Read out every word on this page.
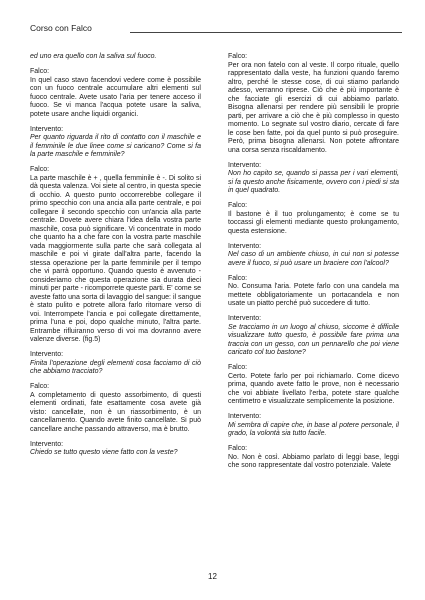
Corso con Falco

ed uno era quello con la saliva sul fuoco.

Falco:

In quel caso stavo facendovi vedere come è possibile con un fuoco centrale accumulare altri elementi sul fuoco centrale. Avete usato l'aria per tenere acceso il fuoco. Se vi manca l'acqua potete usare la saliva, potete usare anche liquidi organici.

Intervento:

Per quanto riguarda il rito di contatto con il maschile e il femminile le due linee come si caricano? Come si fa la parte maschile e femminile?

Falco:

La parte maschile è + , quella femminile è -. Di solito si dà questa valenza. Voi siete al centro, in questa specie di occhio. A questo punto occorrerebbe collegare il primo specchio con una ancia alla parte centrale, e poi collegare il secondo specchio con un'ancia alla parte centrale. Dovete avere chiara l'idea della vostra parte maschile, cosa può significare. Vi concentrate in modo che quanto ha a che fare con la vostra parte maschile vada maggiormente sulla parte che sarà collegata al maschile e poi vi girate dall'altra parte, facendo la stessa operazione per la parte femminile per il tempo che vi parrà opportuno. Quando questo è avvenuto - consideriamo che questa operazione sia durata dieci minuti per parte - ricomporrete queste parti. E' come se aveste fatto una sorta di lavaggio del sangue: il sangue è stato pulito e potrete allora farlo ritornare verso di voi. Interrompete l'ancia e poi collegate direttamente, prima l'una e poi, dopo qualche minuto, l'altra parte. Entrambe rifluiranno verso di voi ma dovranno avere valenze diverse. (fig.5)

Intervento:

Finita l'operazione degli elementi cosa facciamo di ciò che abbiamo tracciato?

Falco:

A completamento di questo assorbimento, di questi elementi ordinati, fate esattamente cosa avete già visto: cancellate, non è un riassorbimento, è un cancellamento. Quando avete finito cancellate. Si può cancellare anche passando attraverso, ma è brutto.

Intervento:

Chiedo se tutto questo viene fatto con la veste?

Falco:

Per ora non fatelo con al veste. Il corpo rituale, quello rappresentato dalla veste, ha funzioni quando faremo altro, perché le stesse cose, di cui stiamo parlando adesso, verranno riprese. Ciò che è più importante è che facciate gli esercizi di cui abbiamo parlato. Bisogna allenarsi per rendere più sensibili le proprie parti, per arrivare a ciò che è più complesso in questo momento. Lo segnate sul vostro diario, cercate di fare le cose ben fatte, poi da quel punto si può proseguire. Però, prima bisogna allenarsi. Non potete affrontare una corsa senza riscaldamento.

Intervento:

Non ho capito se, quando si passa per i vari elementi, si fa questo anche fisicamente, ovvero con i piedi si sta in quel quadrato.

Falco:

Il bastone è il tuo prolungamento; è come se tu toccassi gli elementi mediante questo prolungamento, questa estensione.

Intervento:

Nel caso di un ambiente chiuso, in cui non si potesse avere il fuoco, si può usare un braciere con l'alcool?

Falco:

No. Consuma l'aria. Potete farlo con una candela ma mettete obbligatoriamente un portacandela e non usate un piatto perché può succedere di tutto.

Intervento:

Se tracciamo in un luogo al chiuso, siccome è difficile visualizzare tutto questo, è possibile fare prima una traccia con un gesso, con un pennarello che poi viene caricato col tuo bastone?

Falco:

Certo. Potete farlo per poi richiamarlo. Come dicevo prima, quando avete fatto le prove, non è necessario che voi abbiate livellato l'erba, potete stare qualche centimetro e visualizzate semplicemente la posizione.

Intervento:

Mi sembra di capire che, in base al potere personale, il grado, la volontà sia tutto facile.

Falco:

No. Non è così. Abbiamo parlato di leggi base, leggi che sono rappresentate dal vostro potenziale. Valete

12
